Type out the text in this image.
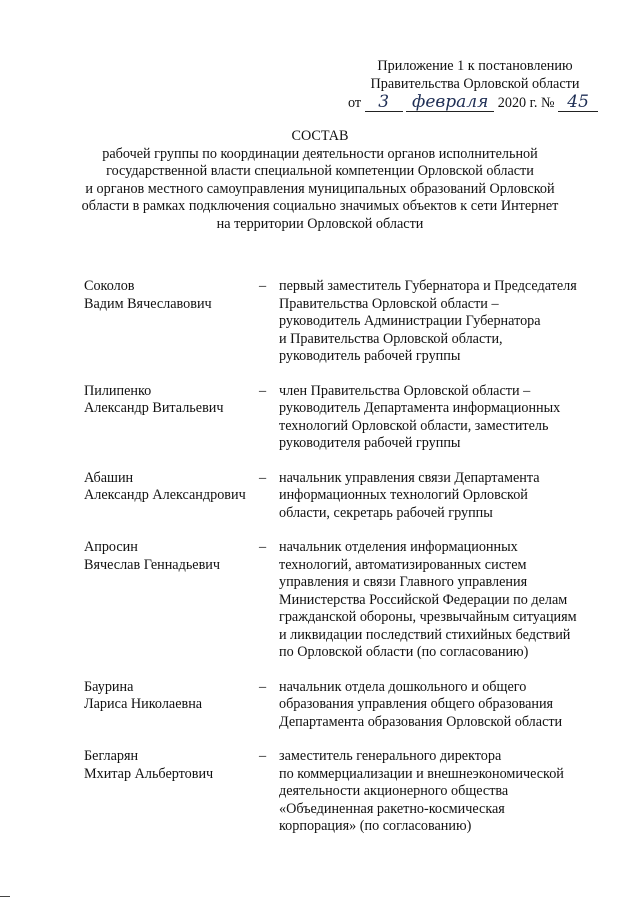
Приложение 1 к постановлению
Правительства Орловской области
от 3 февраля 2020 г. № 45
СОСТАВ
рабочей группы по координации деятельности органов исполнительной
государственной власти специальной компетенции Орловской области
и органов местного самоуправления муниципальных образований Орловской
области в рамках подключения социально значимых объектов к сети Интернет
на территории Орловской области
Соколов
Вадим Вячеславович
– первый заместитель Губернатора и Председателя
Правительства Орловской области –
руководитель Администрации Губернатора
и Правительства Орловской области,
руководитель рабочей группы
Пилипенко
Александр Витальевич
– член Правительства Орловской области –
руководитель Департамента информационных
технологий Орловской области, заместитель
руководителя рабочей группы
Абашин
Александр Александрович
– начальник управления связи Департамента
информационных технологий Орловской
области, секретарь рабочей группы
Апросин
Вячеслав Геннадьевич
– начальник отделения информационных
технологий, автоматизированных систем
управления и связи Главного управления
Министерства Российской Федерации по делам
гражданской обороны, чрезвычайным ситуациям
и ликвидации последствий стихийных бедствий
по Орловской области (по согласованию)
Баурина
Лариса Николаевна
– начальник отдела дошкольного и общего
образования управления общего образования
Департамента образования Орловской области
Бегларян
Мхитар Альбертович
– заместитель генерального директора
по коммерциализации и внешнеэкономической
деятельности акционерного общества
«Объединенная ракетно-космическая
корпорация» (по согласованию)
